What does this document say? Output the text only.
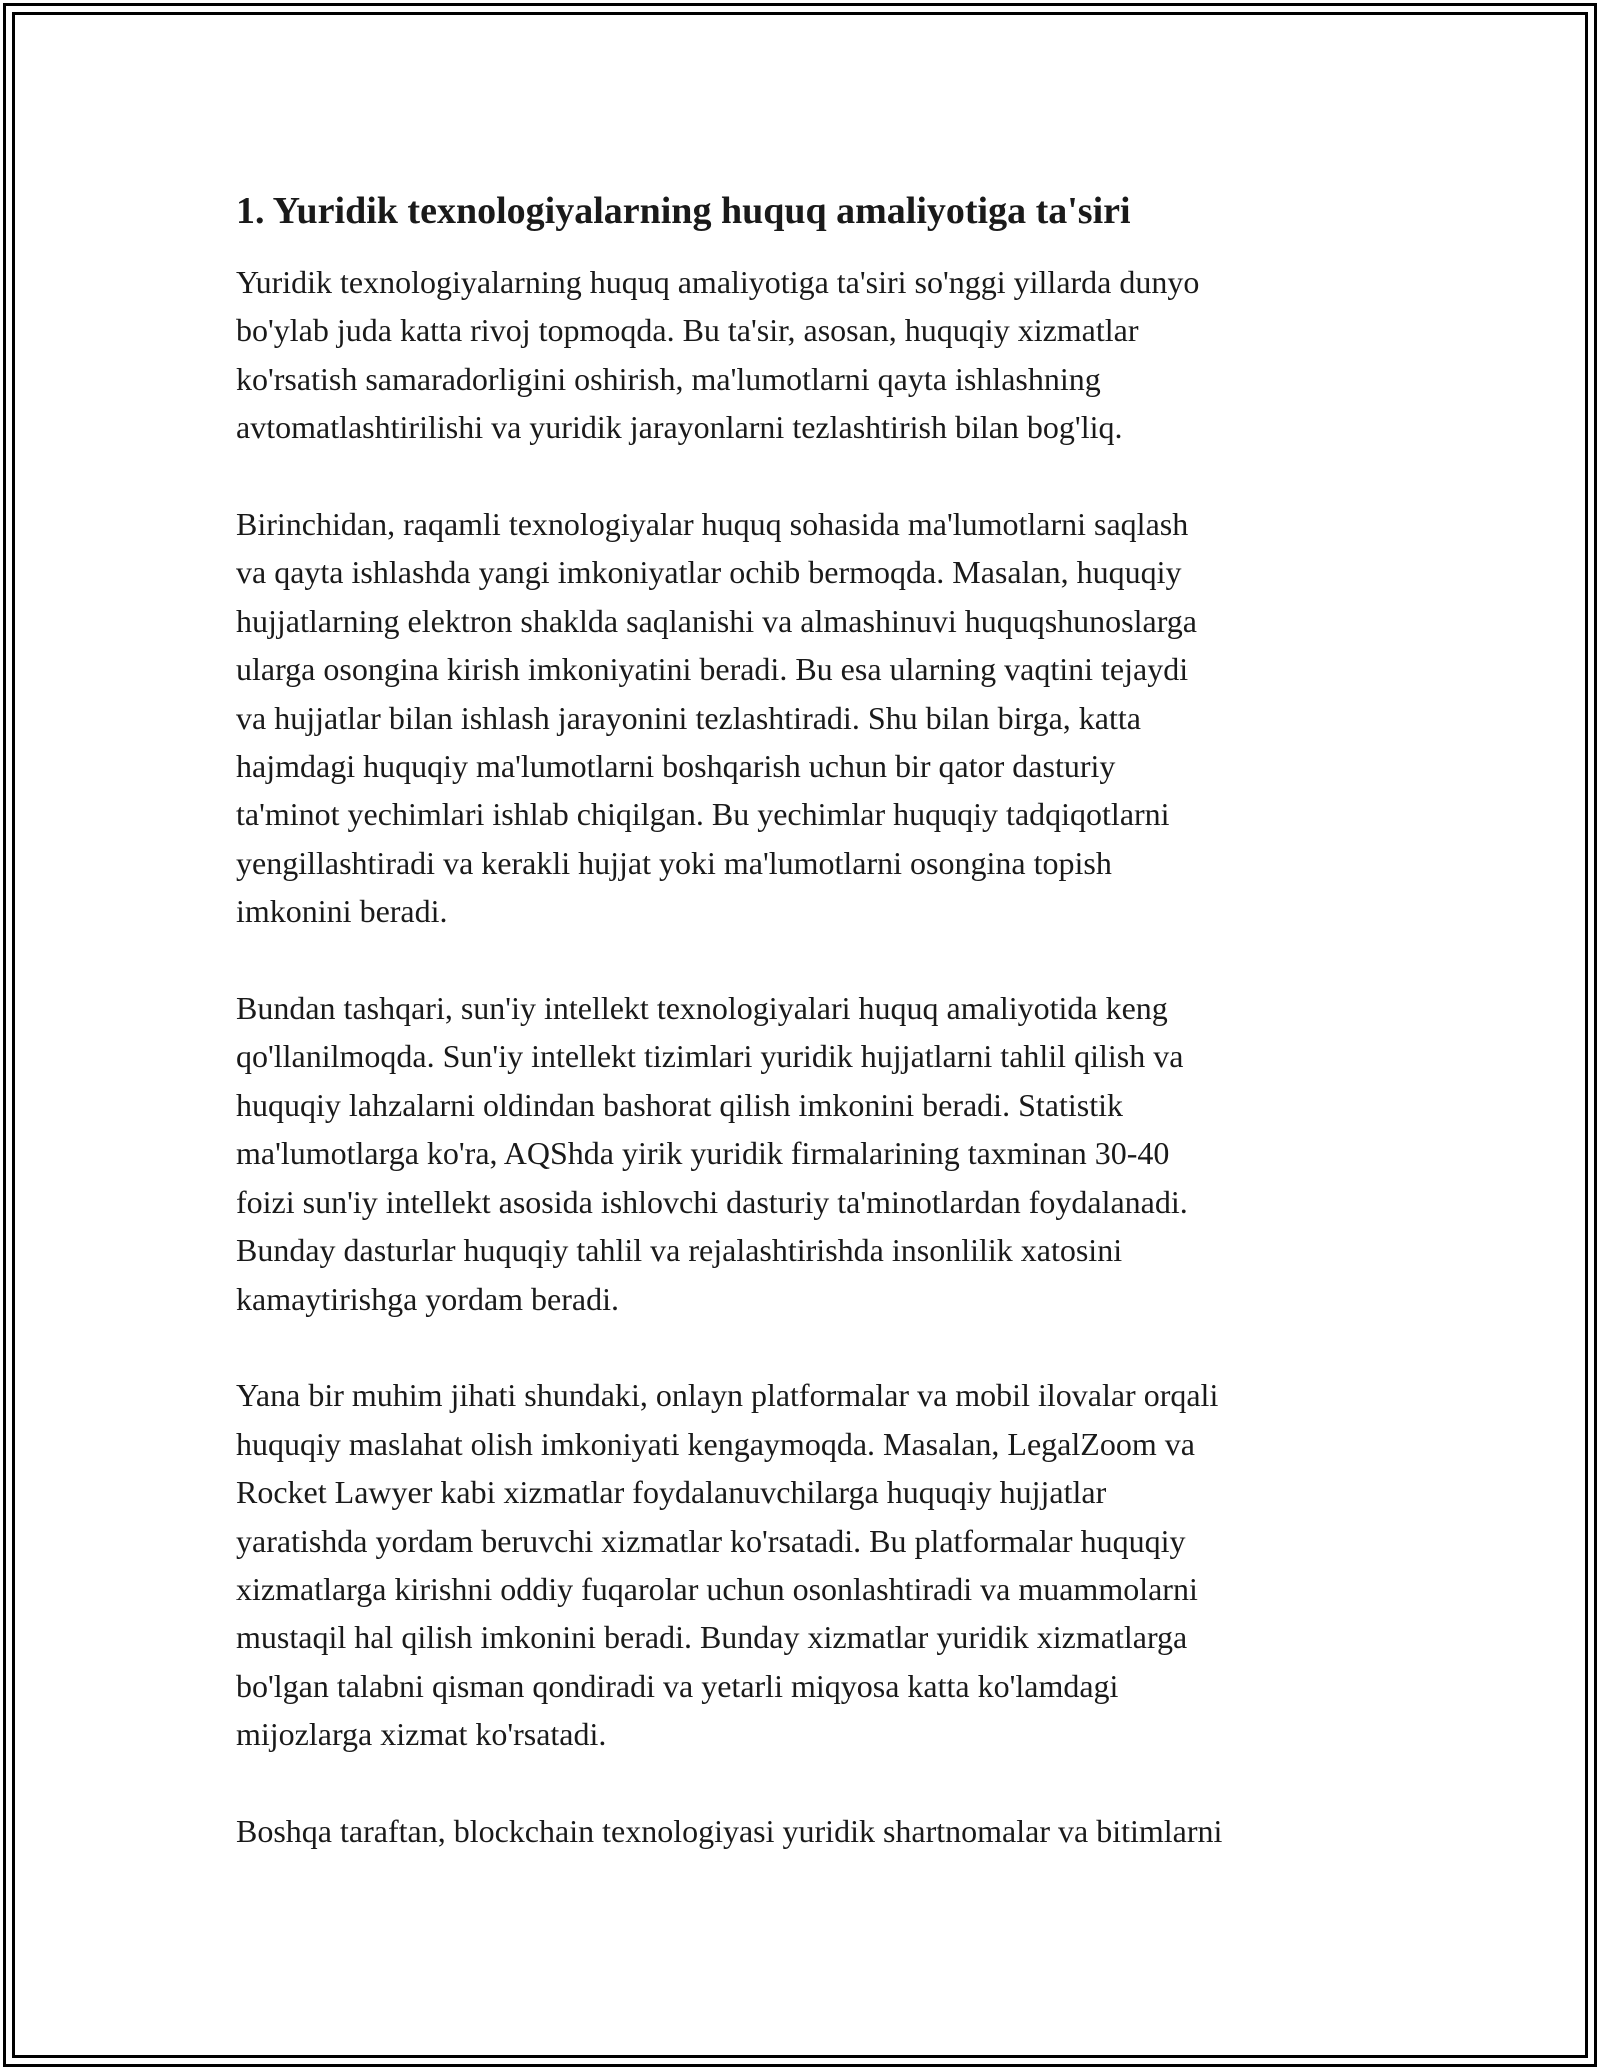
1. Yuridik texnologiyalarning huquq amaliyotiga ta'siri

Yuridik texnologiyalarning huquq amaliyotiga ta'siri so'nggi yillarda dunyo
bo'ylab juda katta rivoj topmoqda. Bu ta'sir, asosan, huquqiy xizmatlar
ko'rsatish samaradorligini oshirish, ma'lumotlarni qayta ishlashning
avtomatlashtirilishi va yuridik jarayonlarni tezlashtirish bilan bog'liq.

Birinchidan, raqamli texnologiyalar huquq sohasida ma'lumotlarni saqlash
va qayta ishlashda yangi imkoniyatlar ochib bermoqda. Masalan, huquqiy
hujjatlarning elektron shaklda saqlanishi va almashinuvi huquqshunoslarga
ularga osongina kirish imkoniyatini beradi. Bu esa ularning vaqtini tejaydi
va hujjatlar bilan ishlash jarayonini tezlashtiradi. Shu bilan birga, katta
hajmdagi huquqiy ma'lumotlarni boshqarish uchun bir qator dasturiy
ta'minot yechimlari ishlab chiqilgan. Bu yechimlar huquqiy tadqiqotlarni
yengillashtiradi va kerakli hujjat yoki ma'lumotlarni osongina topish
imkonini beradi.

Bundan tashqari, sun'iy intellekt texnologiyalari huquq amaliyotida keng
qo'llanilmoqda. Sun'iy intellekt tizimlari yuridik hujjatlarni tahlil qilish va
huquqiy lahzalarni oldindan bashorat qilish imkonini beradi. Statistik
ma'lumotlarga ko'ra, AQShda yirik yuridik firmalarining taxminan 30-40
foizi sun'iy intellekt asosida ishlovchi dasturiy ta'minotlardan foydalanadi.
Bunday dasturlar huquqiy tahlil va rejalashtirishda insonlilik xatosini
kamaytirishga yordam beradi.

Yana bir muhim jihati shundaki, onlayn platformalar va mobil ilovalar orqali
huquqiy maslahat olish imkoniyati kengaymoqda. Masalan, LegalZoom va
Rocket Lawyer kabi xizmatlar foydalanuvchilarga huquqiy hujjatlar
yaratishda yordam beruvchi xizmatlar ko'rsatadi. Bu platformalar huquqiy
xizmatlarga kirishni oddiy fuqarolar uchun osonlashtiradi va muammolarni
mustaqil hal qilish imkonini beradi. Bunday xizmatlar yuridik xizmatlarga
bo'lgan talabni qisman qondiradi va yetarli miqyosa katta ko'lamdagi
mijozlarga xizmat ko'rsatadi.

Boshqa taraftan, blockchain texnologiyasi yuridik shartnomalar va bitimlarni
